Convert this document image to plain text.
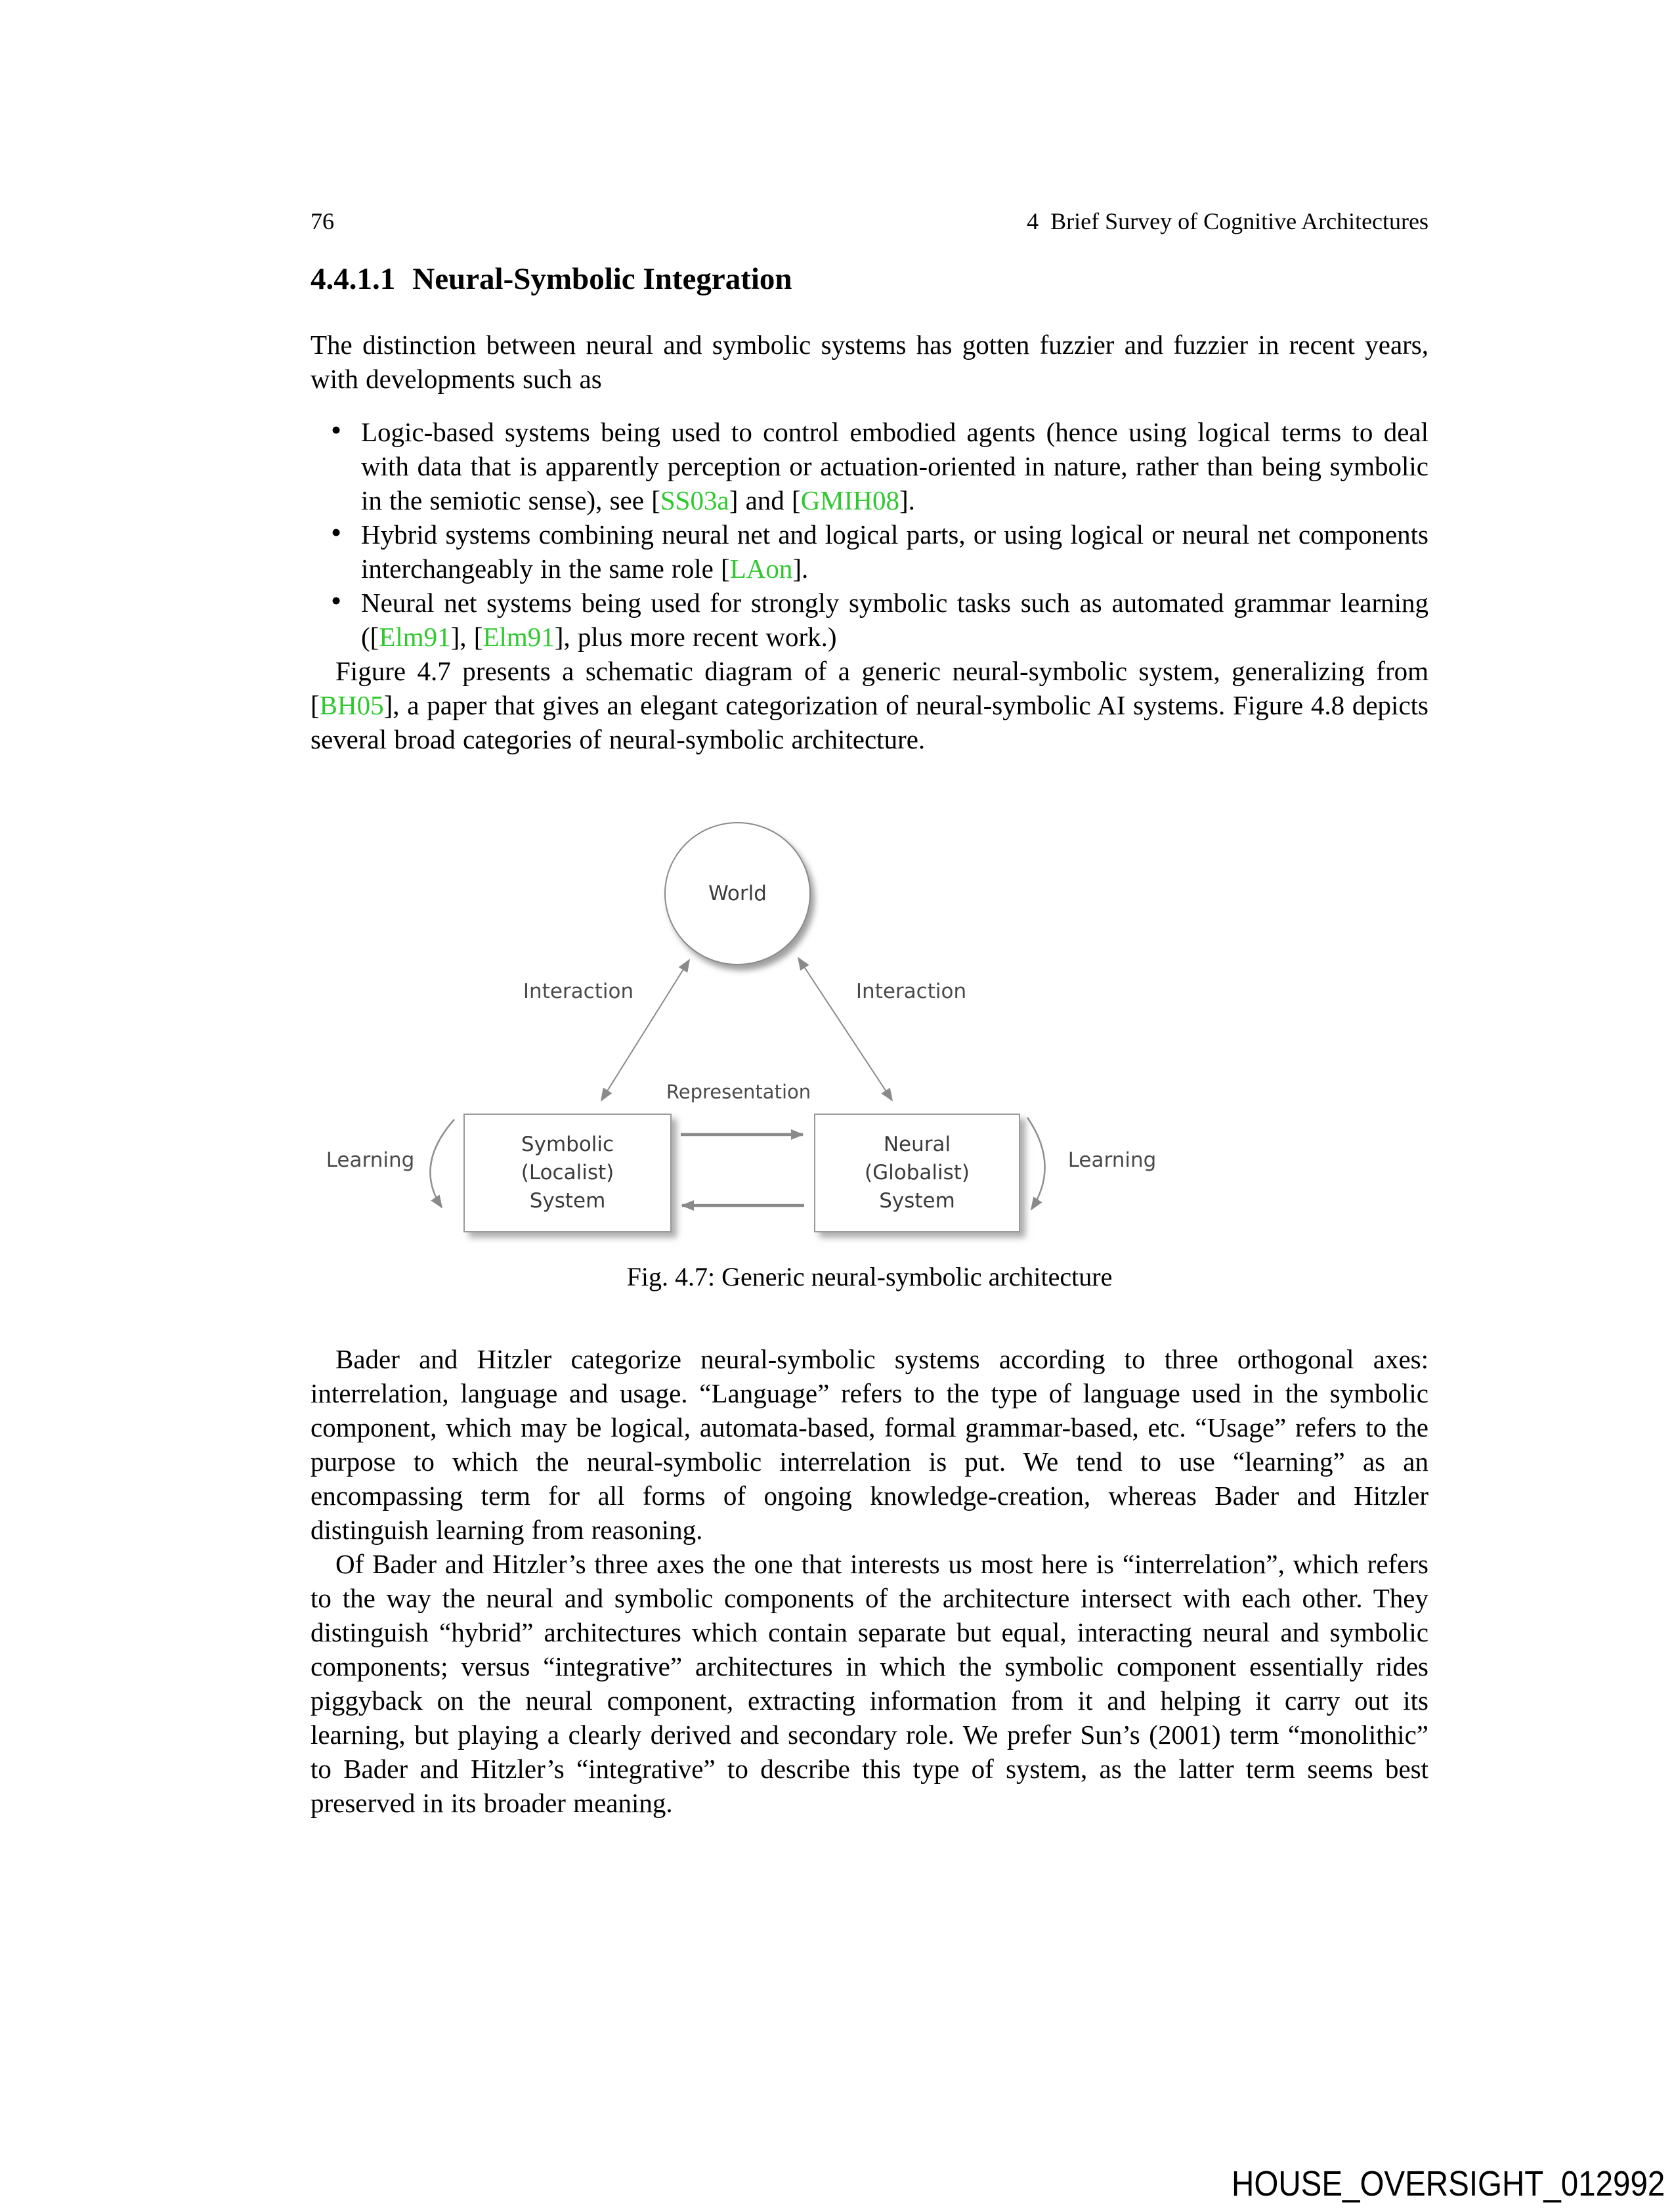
76	4 Brief Survey of Cognitive Architectures
4.4.1.1 Neural-Symbolic Integration

The distinction between neural and symbolic systems has gotten fuzzier and fuzzier in recent years, with developments such as

• Logic-based systems being used to control embodied agents (hence using logical terms to deal with data that is apparently perception or actuation-oriented in nature, rather than being symbolic in the semiotic sense), see [SS03a] and [GMIH08].
• Hybrid systems combining neural net and logical parts, or using logical or neural net components interchangeably in the same role [LAon].
• Neural net systems being used for strongly symbolic tasks such as automated grammar learning ([Elm91], [Elm91], plus more recent work.)

Figure 4.7 presents a schematic diagram of a generic neural-symbolic system, generalizing from [BH05], a paper that gives an elegant categorization of neural-symbolic AI systems. Figure 4.8 depicts several broad categories of neural-symbolic architecture.

World
Interaction	Interaction
Representation
Learning	Learning
Symbolic
(Localist)
System
Neural
(Globalist)
System
Fig. 4.7: Generic neural-symbolic architecture

Bader and Hitzler categorize neural-symbolic systems according to three orthogonal axes: interrelation, language and usage. “Language” refers to the type of language used in the symbolic component, which may be logical, automata-based, formal grammar-based, etc. “Usage” refers to the purpose to which the neural-symbolic interrelation is put. We tend to use “learning” as an encompassing term for all forms of ongoing knowledge-creation, whereas Bader and Hitzler distinguish learning from reasoning.

Of Bader and Hitzler’s three axes the one that interests us most here is “interrelation”, which refers to the way the neural and symbolic components of the architecture intersect with each other. They distinguish “hybrid” architectures which contain separate but equal, interacting neural and symbolic components; versus “integrative” architectures in which the symbolic component essentially rides piggyback on the neural component, extracting information from it and helping it carry out its learning, but playing a clearly derived and secondary role. We prefer Sun’s (2001) term “monolithic” to Bader and Hitzler’s “integrative” to describe this type of system, as the latter term seems best preserved in its broader meaning.

HOUSE_OVERSIGHT_012992
